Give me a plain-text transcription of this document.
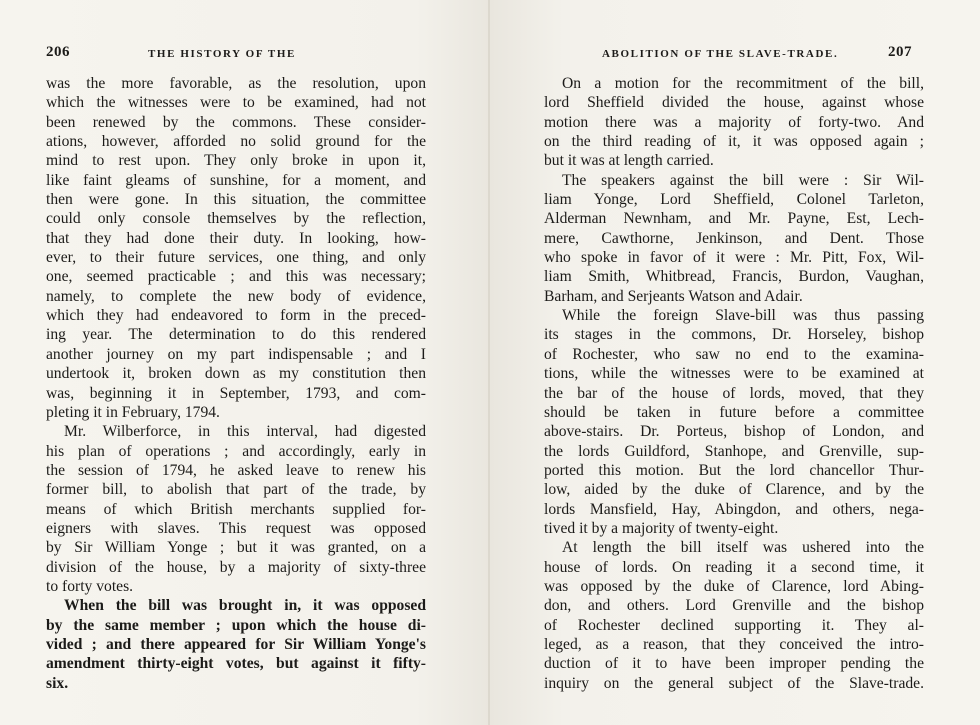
206	THE HISTORY OF THE
was the more favorable, as the resolution, upon
which the witnesses were to be examined, had not
been renewed by the commons. These consider-
ations, however, afforded no solid ground for the
mind to rest upon. They only broke in upon it,
like faint gleams of sunshine, for a moment, and
then were gone. In this situation, the committee
could only console themselves by the reflection,
that they had done their duty. In looking, how-
ever, to their future services, one thing, and only
one, seemed practicable ; and this was necessary;
namely, to complete the new body of evidence,
which they had endeavored to form in the preced-
ing year. The determination to do this rendered
another journey on my part indispensable ; and I
undertook it, broken down as my constitution then
was, beginning it in September, 1793, and com-
pleting it in February, 1794.
Mr. Wilberforce, in this interval, had digested
his plan of operations ; and accordingly, early in
the session of 1794, he asked leave to renew his
former bill, to abolish that part of the trade, by
means of which British merchants supplied for-
eigners with slaves. This request was opposed
by Sir William Yonge ; but it was granted, on a
division of the house, by a majority of sixty-three
to forty votes.
When the bill was brought in, it was opposed
by the same member ; upon which the house di-
vided ; and there appeared for Sir William Yonge's
amendment thirty-eight votes, but against it fifty-
six.
ABOLITION OF THE SLAVE-TRADE.	207
On a motion for the recommitment of the bill,
lord Sheffield divided the house, against whose
motion there was a majority of forty-two. And
on the third reading of it, it was opposed again ;
but it was at length carried.
The speakers against the bill were : Sir Wil-
liam Yonge, Lord Sheffield, Colonel Tarleton,
Alderman Newnham, and Mr. Payne, Est, Lech-
mere, Cawthorne, Jenkinson, and Dent. Those
who spoke in favor of it were : Mr. Pitt, Fox, Wil-
liam Smith, Whitbread, Francis, Burdon, Vaughan,
Barham, and Serjeants Watson and Adair.
While the foreign Slave-bill was thus passing
its stages in the commons, Dr. Horseley, bishop
of Rochester, who saw no end to the examina-
tions, while the witnesses were to be examined at
the bar of the house of lords, moved, that they
should be taken in future before a committee
above-stairs. Dr. Porteus, bishop of London, and
the lords Guildford, Stanhope, and Grenville, sup-
ported this motion. But the lord chancellor Thur-
low, aided by the duke of Clarence, and by the
lords Mansfield, Hay, Abingdon, and others, nega-
tived it by a majority of twenty-eight.
At length the bill itself was ushered into the
house of lords. On reading it a second time, it
was opposed by the duke of Clarence, lord Abing-
don, and others. Lord Grenville and the bishop
of Rochester declined supporting it. They al-
leged, as a reason, that they conceived the intro-
duction of it to have been improper pending the
inquiry on the general subject of the Slave-trade.
